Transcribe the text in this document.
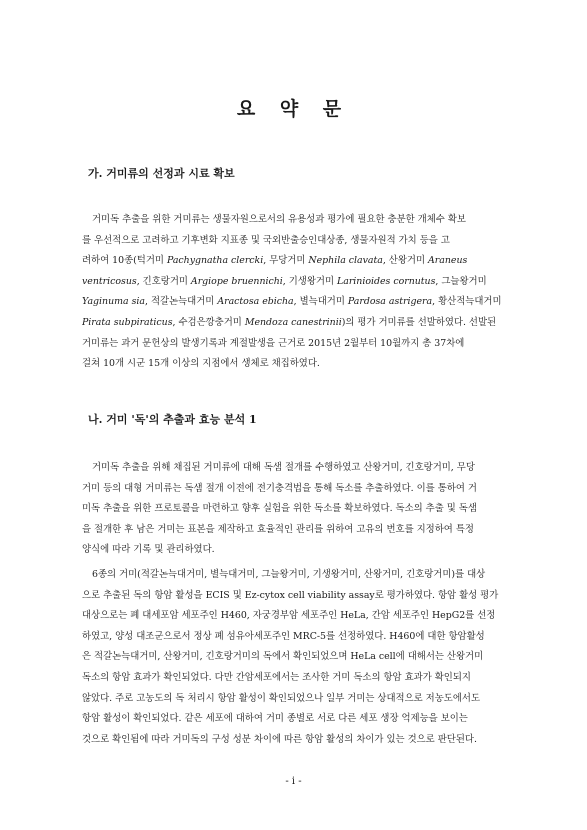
요 약 문
가. 거미류의 선정과 시료 확보
거미독 추출을 위한 거미류는 생물자원으로서의 유용성과 평가에 필요한 충분한 개체수 확보
를 우선적으로 고려하고 기후변화 지표종 및 국외반출승인대상종, 생물자원적 가치 등을 고
려하여 10종(턱거미 Pachygnatha clercki, 무당거미 Nephila clavata, 산왕거미 Araneus
ventricosus, 긴호랑거미 Argiope bruennichi, 기생왕거미 Larinioides cornutus, 그늘왕거미
Yaginuma sia, 적갈논늑대거미 Aractosa ebicha, 별늑대거미 Pardosa astrigera, 황산적늑대거미
Pirata subpiraticus, 수검은깡충거미 Mendoza canestrinii)의 평가 거미류를 선발하였다. 선발된
거미류는 과거 문헌상의 발생기록과 계절발생을 근거로 2015년 2월부터 10월까지 총 37차에
걸쳐 10개 시군 15개 이상의 지점에서 생체로 채집하였다.
나. 거미 '독'의 추출과 효능 분석 1
거미독 추출을 위해 채집된 거미류에 대해 독샘 절개를 수행하였고 산왕거미, 긴호랑거미, 무당
거미 등의 대형 거미류는 독샘 절개 이전에 전기충격법을 통해 독소를 추출하였다. 이를 통하여 거
미독 추출을 위한 프로토콜을 마련하고 향후 실험을 위한 독소를 확보하였다. 독소의 추출 및 독샘
을 절개한 후 남은 거미는 표본을 제작하고 효율적인 관리를 위하여 고유의 번호를 지정하여 특정
양식에 따라 기록 및 관리하였다.
6종의 거미(적갈논늑대거미, 별늑대거미, 그늘왕거미, 기생왕거미, 산왕거미, 긴호랑거미)를 대상
으로 추출된 독의 항암 활성을 ECIS 및 Ez-cytox cell viability assay로 평가하였다. 항암 활성 평가
대상으로는 폐 대세포암 세포주인 H460, 자궁경부암 세포주인 HeLa, 간암 세포주인 HepG2를 선정
하였고, 양성 대조군으로서 정상 폐 섬유아세포주인 MRC-5를 선정하였다. H460에 대한 항암활성
은 적갈논늑대거미, 산왕거미, 긴호랑거미의 독에서 확인되었으며 HeLa cell에 대해서는 산왕거미
독소의 항암 효과가 확인되었다. 다만 간암세포에서는 조사한 거미 독소의 항암 효과가 확인되지
않았다. 주로 고농도의 독 처리시 항암 활성이 확인되었으나 일부 거미는 상대적으로 저농도에서도
항암 활성이 확인되었다. 같은 세포에 대하여 거미 종별로 서로 다른 세포 생장 억제능을 보이는
것으로 확인됨에 따라 거미독의 구성 성분 차이에 따른 항암 활성의 차이가 있는 것으로 판단된다.
- i -
